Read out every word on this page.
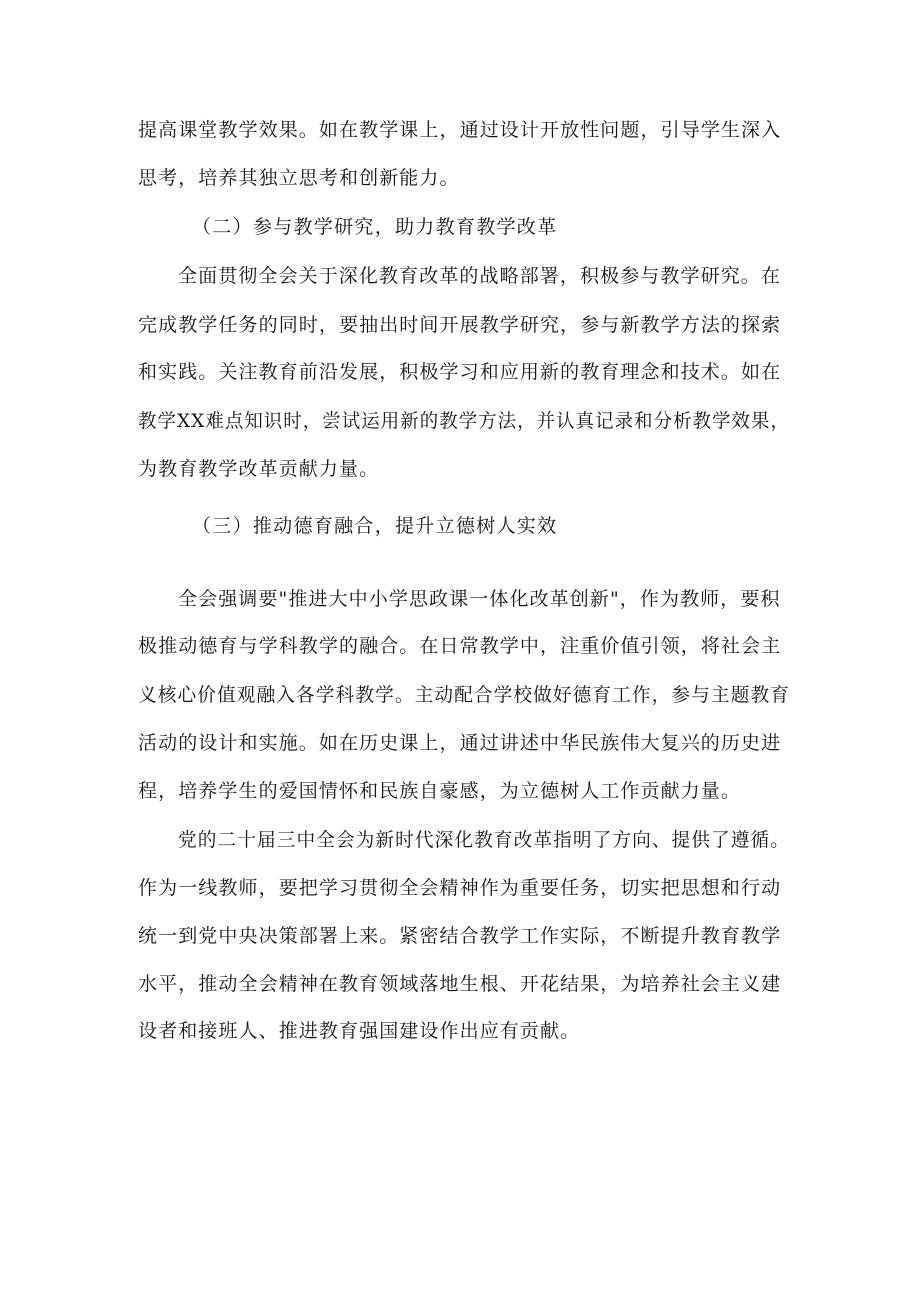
提高课堂教学效果。如在教学课上，通过设计开放性问题，引导学生深入
思考，培养其独立思考和创新能力。
（二）参与教学研究，助力教育教学改革
全面贯彻全会关于深化教育改革的战略部署，积极参与教学研究。在
完成教学任务的同时，要抽出时间开展教学研究，参与新教学方法的探索
和实践。关注教育前沿发展，积极学习和应用新的教育理念和技术。如在
教学XX难点知识时，尝试运用新的教学方法，并认真记录和分析教学效果，
为教育教学改革贡献力量。
（三）推动德育融合，提升立德树人实效
全会强调要"推进大中小学思政课一体化改革创新"，作为教师，要积
极推动德育与学科教学的融合。在日常教学中，注重价值引领，将社会主
义核心价值观融入各学科教学。主动配合学校做好德育工作，参与主题教育
活动的设计和实施。如在历史课上，通过讲述中华民族伟大复兴的历史进
程，培养学生的爱国情怀和民族自豪感，为立德树人工作贡献力量。
党的二十届三中全会为新时代深化教育改革指明了方向、提供了遵循。
作为一线教师，要把学习贯彻全会精神作为重要任务，切实把思想和行动
统一到党中央决策部署上来。紧密结合教学工作实际，不断提升教育教学
水平，推动全会精神在教育领域落地生根、开花结果，为培养社会主义建
设者和接班人、推进教育强国建设作出应有贡献。
